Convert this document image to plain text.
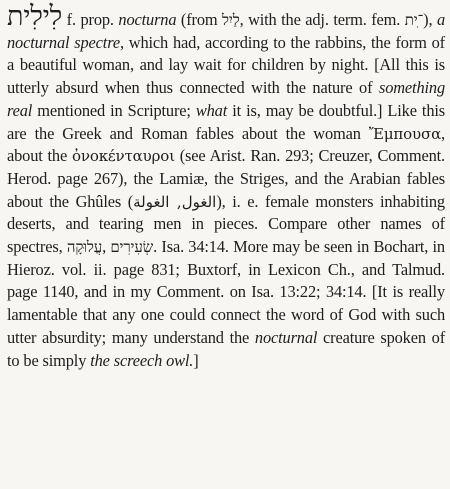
לִילִית f. prop. nocturna (from לַיִל, with the adj. term. fem. ־ִית), a nocturnal spectre, which had, according to the rabbins, the form of a beautiful woman, and lay wait for children by night. [All this is utterly absurd when thus connected with the nature of something real mentioned in Scripture; what it is, may be doubtful.] Like this are the Greek and Roman fables about the woman Ἔμπουσα, about the ὀνοκένταυροι (see Arist. Ran. 293; Creuzer, Comment. Herod. page 267), the Lamiæ, the Striges, and the Arabian fables about the Ghûles (الغول, الغولة), i. e. female monsters inhabiting deserts, and tearing men in pieces. Compare other names of spectres, עֲלוּקָה, שְׂעִירִים. Isa. 34:14. More may be seen in Bochart, in Hieroz. vol. ii. page 831; Buxtorf, in Lexicon Ch., and Talmud. page 1140, and in my Comment. on Isa. 13:22; 34:14. [It is really lamentable that any one could connect the word of God with such utter absurdity; many understand the nocturnal creature spoken of to be simply the screech owl.]
